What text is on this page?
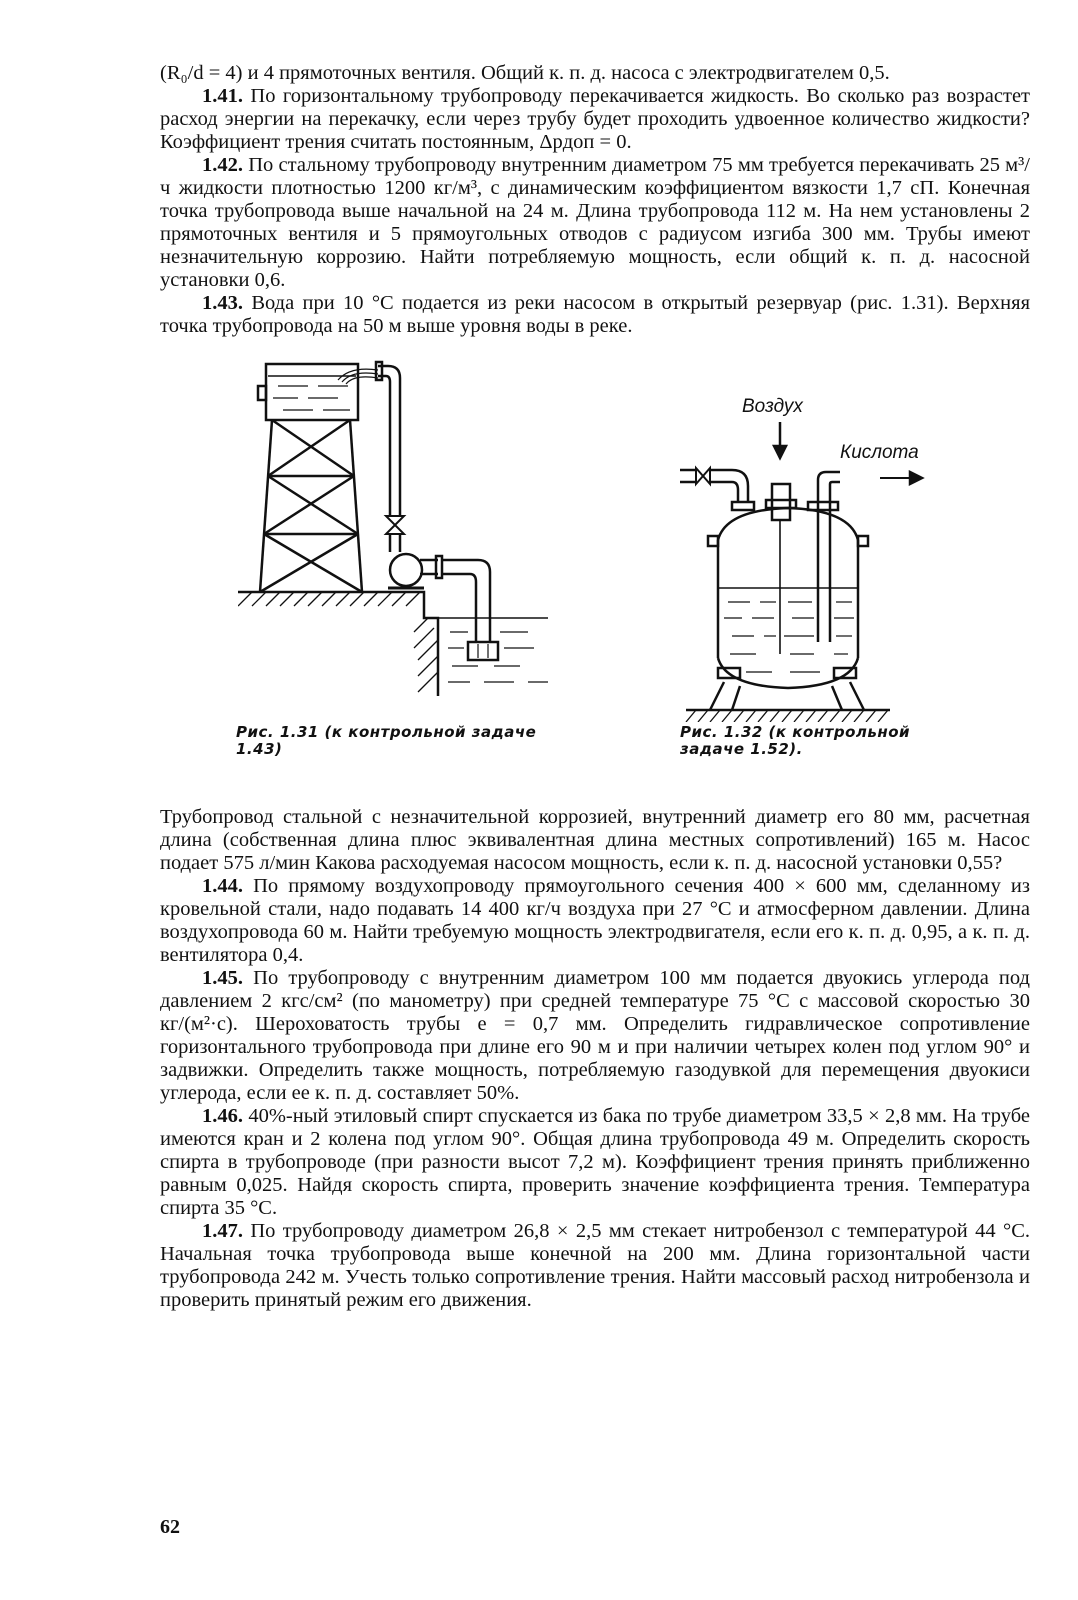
(R₀/d = 4) и 4 прямоточных вентиля. Общий к. п. д. насоса с электродвигателем 0,5.

1.41. По горизонтальному трубопроводу перекачивается жидкость. Во сколько раз возрастет расход энергии на перекачку, если через трубу будет проходить удвоенное количество жидкости? Коэффициент трения считать постоянным, Δpдоп = 0.

1.42. По стальному трубопроводу внутренним диаметром 75 мм требуется перекачивать 25 м³/ч жидкости плотностью 1200 кг/м³, с динамическим коэффициентом вязкости 1,7 сП. Конечная точка трубопровода выше начальной на 24 м. Длина трубопровода 112 м. На нем установлены 2 прямоточных вентиля и 5 прямоугольных отводов с радиусом изгиба 300 мм. Трубы имеют незначительную коррозию. Найти потребляемую мощность, если общий к. п. д. насосной установки 0,6.

1.43. Вода при 10 °С подается из реки насосом в открытый резервуар (рис. 1.31). Верхняя точка трубопровода на 50 м выше уровня воды в реке.

Воздух
Кислота
Рис. 1.31 (к контрольной задаче 1.43)
Рис. 1.32 (к контрольной задаче 1.52).

Трубопровод стальной с незначительной коррозией, внутренний диаметр его 80 мм, расчетная длина (собственная длина плюс эквивалентная длина местных сопротивлений) 165 м. Насос подает 575 л/мин Какова расходуемая насосом мощность, если к. п. д. насосной установки 0,55?

1.44. По прямому воздухопроводу прямоугольного сечения 400 × 600 мм, сделанному из кровельной стали, надо подавать 14 400 кг/ч воздуха при 27 °С и атмосферном давлении. Длина воздухопровода 60 м. Найти требуемую мощность электродвигателя, если его к. п. д. 0,95, а к. п. д. вентилятора 0,4.

1.45. По трубопроводу с внутренним диаметром 100 мм подается двуокись углерода под давлением 2 кгс/см² (по манометру) при средней температуре 75 °С с массовой скоростью 30 кг/(м²·с). Шероховатость трубы e = 0,7 мм. Определить гидравлическое сопротивление горизонтального трубопровода при длине его 90 м и при наличии четырех колен под углом 90° и задвижки. Определить также мощность, потребляемую газодувкой для перемещения двуокиси углерода, если ее к. п. д. составляет 50%.

1.46. 40%-ный этиловый спирт спускается из бака по трубе диаметром 33,5 × 2,8 мм. На трубе имеются кран и 2 колена под углом 90°. Общая длина трубопровода 49 м. Определить скорость спирта в трубопроводе (при разности высот 7,2 м). Коэффициент трения принять приближенно равным 0,025. Найдя скорость спирта, проверить значение коэффициента трения. Температура спирта 35 °С.

1.47. По трубопроводу диаметром 26,8 × 2,5 мм стекает нитробензол с температурой 44 °С. Начальная точка трубопровода выше конечной на 200 мм. Длина горизонтальной части трубопровода 242 м. Учесть только сопротивление трения. Найти массовый расход нитробензола и проверить принятый режим его движения.

62
